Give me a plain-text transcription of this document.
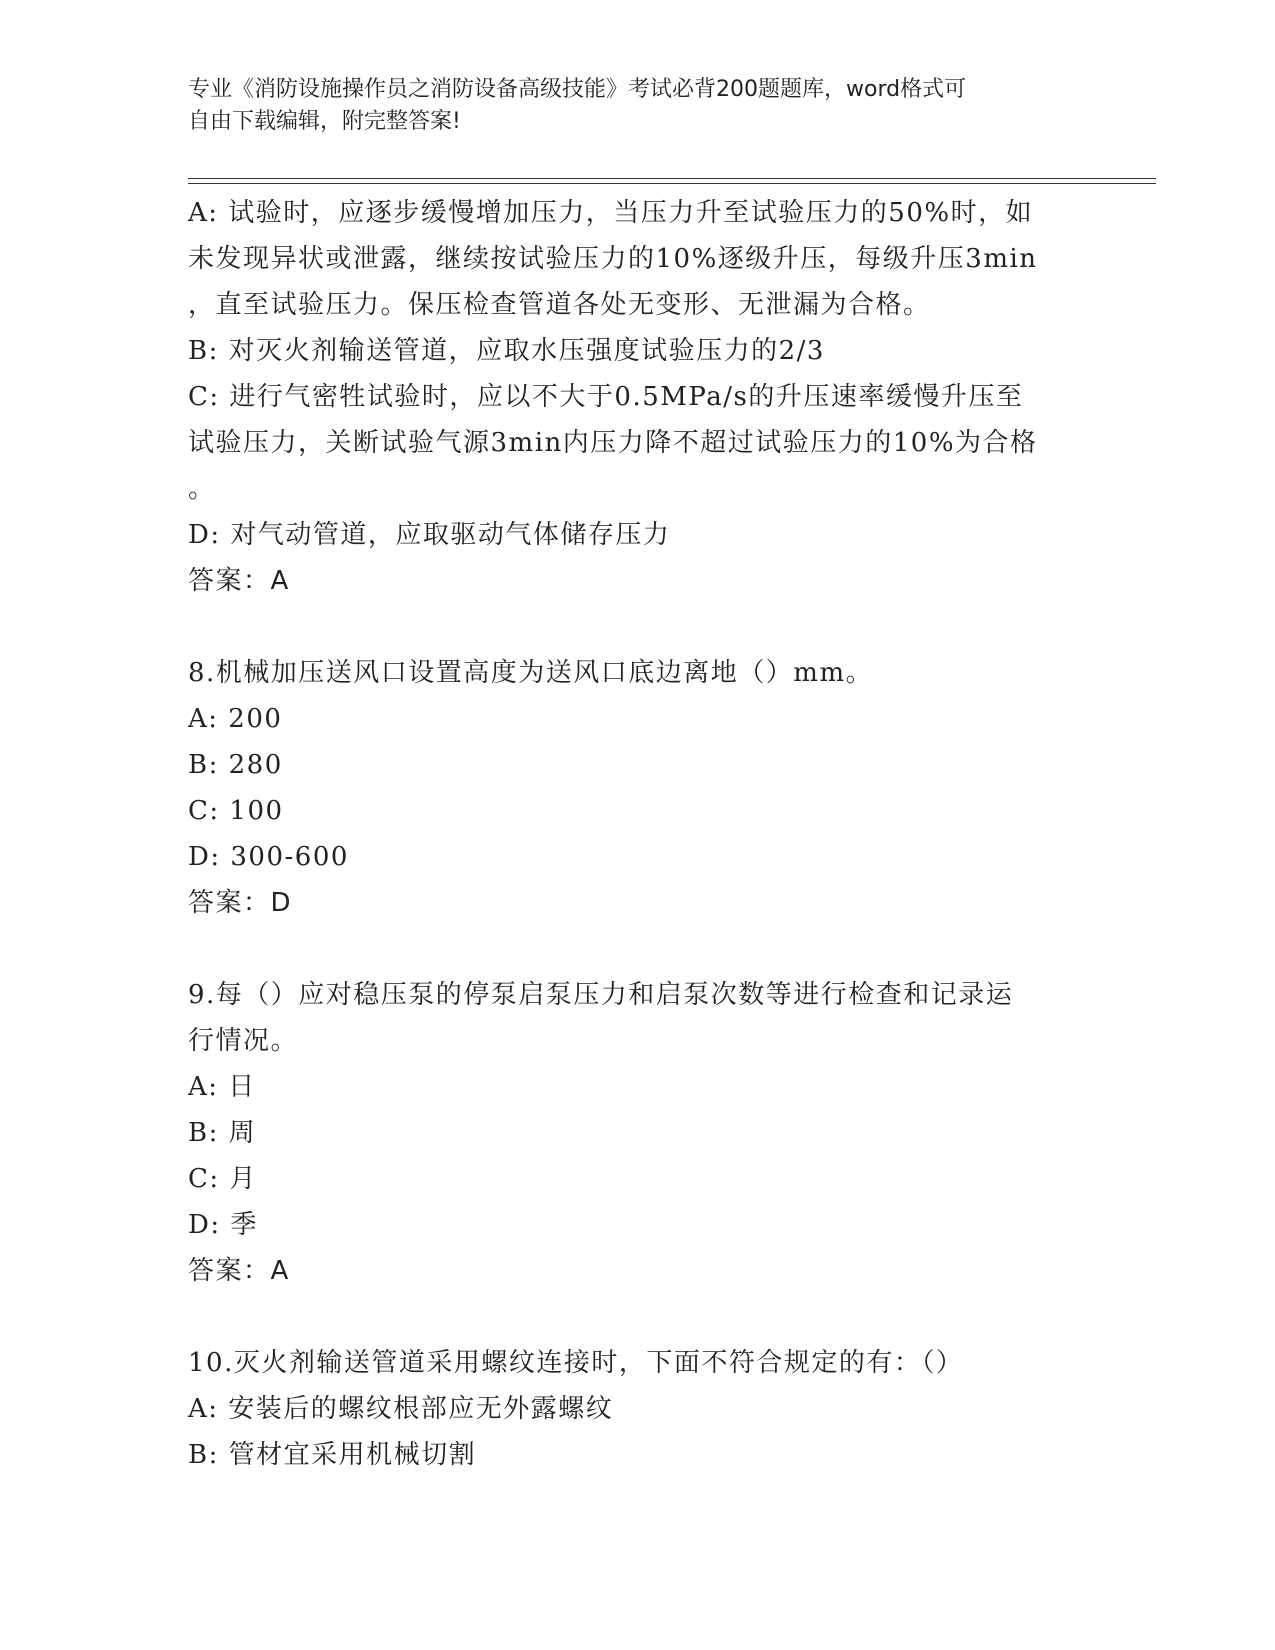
专业《消防设施操作员之消防设备高级技能》考试必背200题题库，word格式可
自由下载编辑，附完整答案!
A: 试验时，应逐步缓慢增加压力，当压力升至试验压力的50%时，如
未发现异状或泄露，继续按试验压力的10%逐级升压，每级升压3min
，直至试验压力。保压检查管道各处无变形、无泄漏为合格。
B: 对灭火剂输送管道，应取水压强度试验压力的2/3
C: 进行气密牲试验时，应以不大于0.5MPa/s的升压速率缓慢升压至
试验压力，关断试验气源3min内压力降不超过试验压力的10%为合格
。
D: 对气动管道，应取驱动气体储存压力
答案：A
8.机械加压送风口设置高度为送风口底边离地（）mm。
A: 200
B: 280
C: 100
D: 300-600
答案：D
9.每（）应对稳压泵的停泵启泵压力和启泵次数等进行检查和记录运
行情况。
A: 日
B: 周
C: 月
D: 季
答案：A
10.灭火剂输送管道采用螺纹连接时，下面不符合规定的有：（）
A: 安装后的螺纹根部应无外露螺纹
B: 管材宜采用机械切割
